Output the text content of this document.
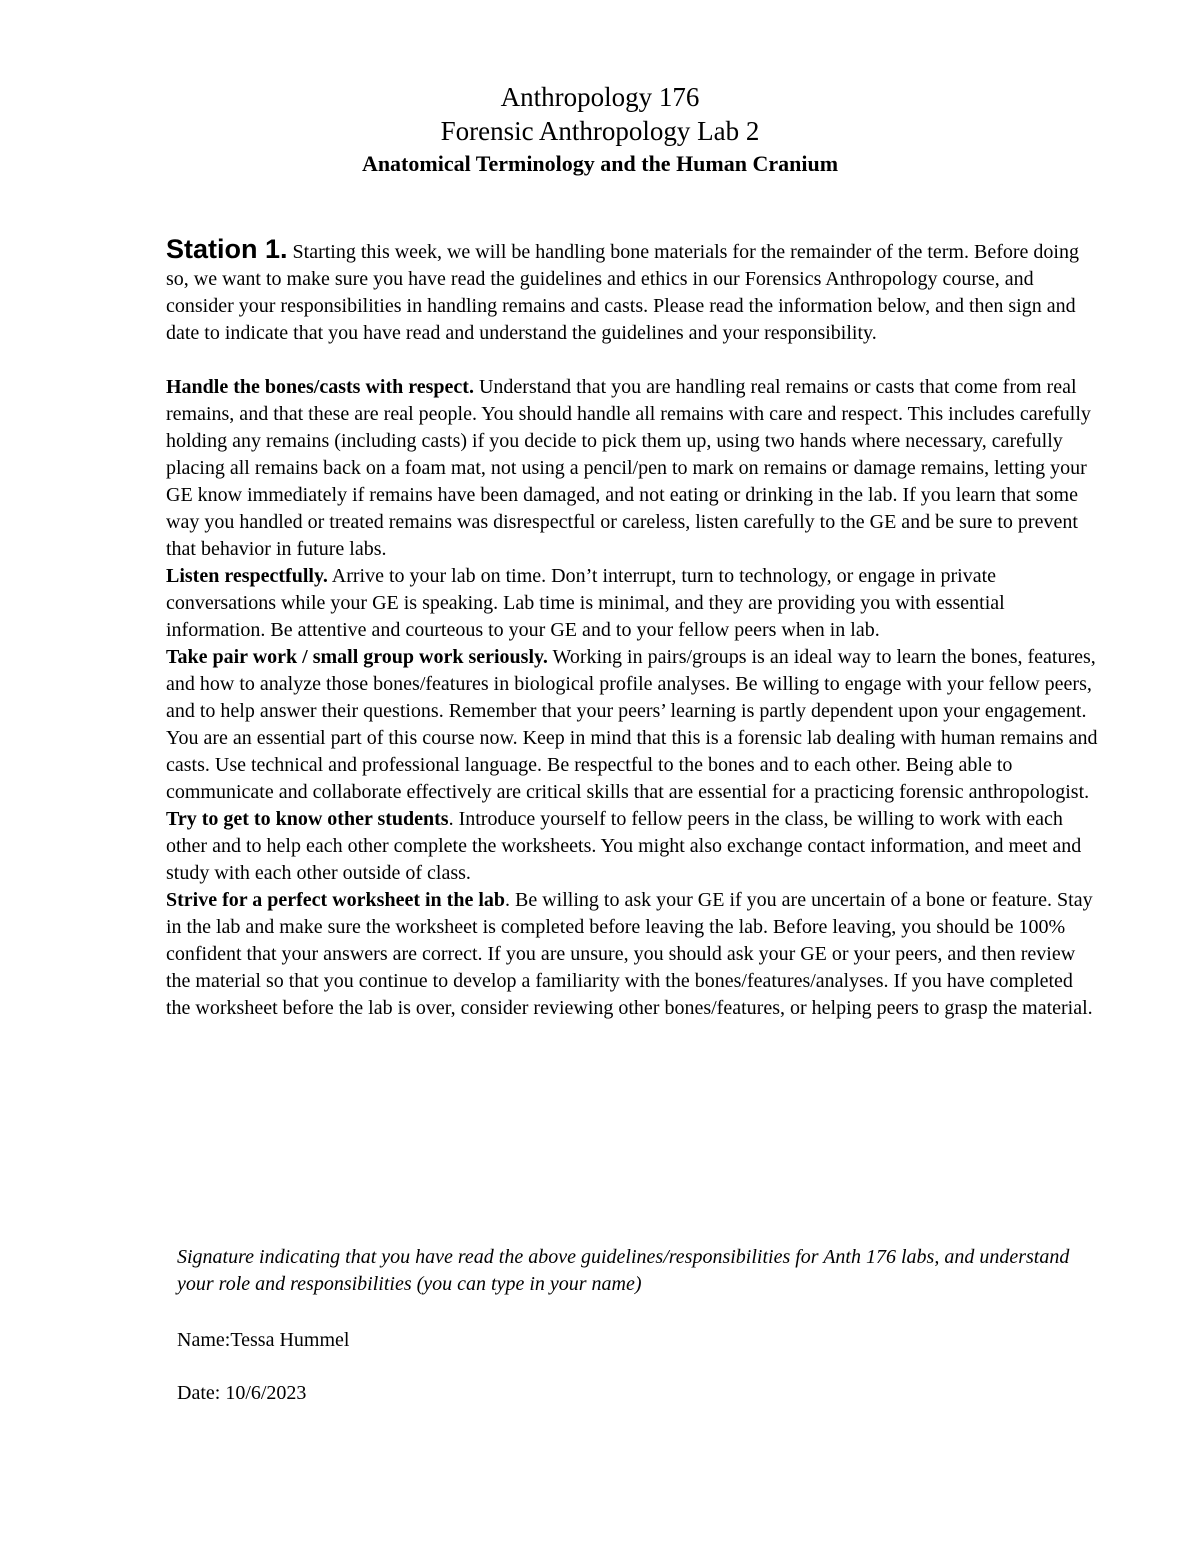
Anthropology 176
Forensic Anthropology Lab 2
Anatomical Terminology and the Human Cranium

Station 1. Starting this week, we will be handling bone materials for the remainder of the term. Before doing so, we want to make sure you have read the guidelines and ethics in our Forensics Anthropology course, and consider your responsibilities in handling remains and casts. Please read the information below, and then sign and date to indicate that you have read and understand the guidelines and your responsibility.

Handle the bones/casts with respect. Understand that you are handling real remains or casts that come from real remains, and that these are real people. You should handle all remains with care and respect. This includes carefully holding any remains (including casts) if you decide to pick them up, using two hands where necessary, carefully placing all remains back on a foam mat, not using a pencil/pen to mark on remains or damage remains, letting your GE know immediately if remains have been damaged, and not eating or drinking in the lab. If you learn that some way you handled or treated remains was disrespectful or careless, listen carefully to the GE and be sure to prevent that behavior in future labs.

Listen respectfully. Arrive to your lab on time. Don’t interrupt, turn to technology, or engage in private conversations while your GE is speaking. Lab time is minimal, and they are providing you with essential information. Be attentive and courteous to your GE and to your fellow peers when in lab.

Take pair work / small group work seriously. Working in pairs/groups is an ideal way to learn the bones, features, and how to analyze those bones/features in biological profile analyses. Be willing to engage with your fellow peers, and to help answer their questions. Remember that your peers’ learning is partly dependent upon your engagement. You are an essential part of this course now. Keep in mind that this is a forensic lab dealing with human remains and casts. Use technical and professional language. Be respectful to the bones and to each other. Being able to communicate and collaborate effectively are critical skills that are essential for a practicing forensic anthropologist.

Try to get to know other students. Introduce yourself to fellow peers in the class, be willing to work with each other and to help each other complete the worksheets. You might also exchange contact information, and meet and study with each other outside of class.

Strive for a perfect worksheet in the lab. Be willing to ask your GE if you are uncertain of a bone or feature. Stay in the lab and make sure the worksheet is completed before leaving the lab. Before leaving, you should be 100% confident that your answers are correct. If you are unsure, you should ask your GE or your peers, and then review the material so that you continue to develop a familiarity with the bones/features/analyses. If you have completed the worksheet before the lab is over, consider reviewing other bones/features, or helping peers to grasp the material.

Signature indicating that you have read the above guidelines/responsibilities for Anth 176 labs, and understand your role and responsibilities (you can type in your name)
Name:Tessa Hummel
Date: 10/6/2023
